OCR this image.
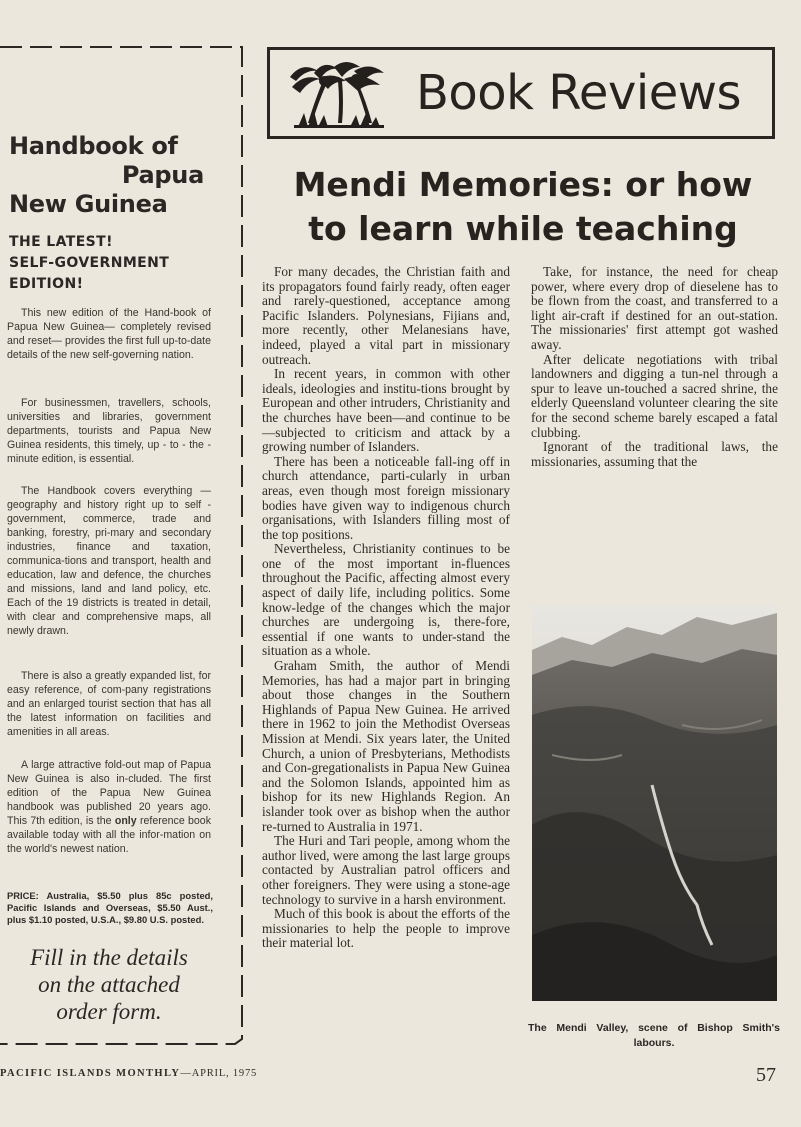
Handbook of
Papua
New Guinea
THE LATEST!
SELF-GOVERNMENT
EDITION!

This new edition of the Hand-book of Papua New Guinea— completely revised and reset— provides the first full up-to-date details of the new self-governing nation.

For businessmen, travellers, schools, universities and libraries, government departments, tourists and Papua New Guinea residents, this timely, up - to - the - minute edition, is essential.

The Handbook covers everything —geography and history right up to self - government, commerce, trade and banking, forestry, pri-mary and secondary industries, finance and taxation, communica-tions and transport, health and education, law and defence, the churches and missions, land and land policy, etc. Each of the 19 districts is treated in detail, with clear and comprehensive maps, all newly drawn.

There is also a greatly expanded list, for easy reference, of com-pany registrations and an enlarged tourist section that has all the latest information on facilities and amenities in all areas.

A large attractive fold-out map of Papua New Guinea is also in-cluded. The first edition of the Papua New Guinea handbook was published 20 years ago. This 7th edition, is the only reference book available today with all the infor-mation on the world's newest nation.

PRICE: Australia, $5.50 plus 85c posted, Pacific Islands and Overseas, $5.50 Aust., plus $1.10 posted, U.S.A., $9.80 U.S. posted.

Fill in the details
on the attached
order form.
Book Reviews
Mendi Memories: or how
to learn while teaching

For many decades, the Christian faith and its propagators found fairly ready, often eager and rarely-questioned, acceptance among Pacific Islanders. Polynesians, Fijians and, more recently, other Melanesians have, indeed, played a vital part in missionary outreach.

In recent years, in common with other ideals, ideologies and institu-tions brought by European and other intruders, Christianity and the churches have been—and continue to be—subjected to criticism and attack by a growing number of Islanders.

There has been a noticeable fall-ing off in church attendance, parti-cularly in urban areas, even though most foreign missionary bodies have given way to indigenous church organisations, with Islanders filling most of the top positions.

Nevertheless, Christianity continues to be one of the most important in-fluences throughout the Pacific, affecting almost every aspect of daily life, including politics. Some know-ledge of the changes which the major churches are undergoing is, there-fore, essential if one wants to under-stand the situation as a whole.

Graham Smith, the author of Mendi Memories, has had a major part in bringing about those changes in the Southern Highlands of Papua New Guinea. He arrived there in 1962 to join the Methodist Overseas Mission at Mendi. Six years later, the United Church, a union of Presbyterians, Methodists and Con-gregationalists in Papua New Guinea and the Solomon Islands, appointed him as bishop for its new Highlands Region. An islander took over as bishop when the author re-turned to Australia in 1971.

The Huri and Tari people, among whom the author lived, were among the last large groups contacted by Australian patrol officers and other foreigners. They were using a stone-age technology to survive in a harsh environment.

Much of this book is about the efforts of the missionaries to help the people to improve their material lot.

Take, for instance, the need for cheap power, where every drop of dieselene has to be flown from the coast, and transferred to a light air-craft if destined for an out-station. The missionaries' first attempt got washed away.

After delicate negotiations with tribal landowners and digging a tun-nel through a spur to leave un-touched a sacred shrine, the elderly Queensland volunteer clearing the site for the second scheme barely escaped a fatal clubbing.

Ignorant of the traditional laws, the missionaries, assuming that the

The Mendi Valley, scene of Bishop Smith's labours.
PACIFIC ISLANDS MONTHLY—APRIL, 1975	57
